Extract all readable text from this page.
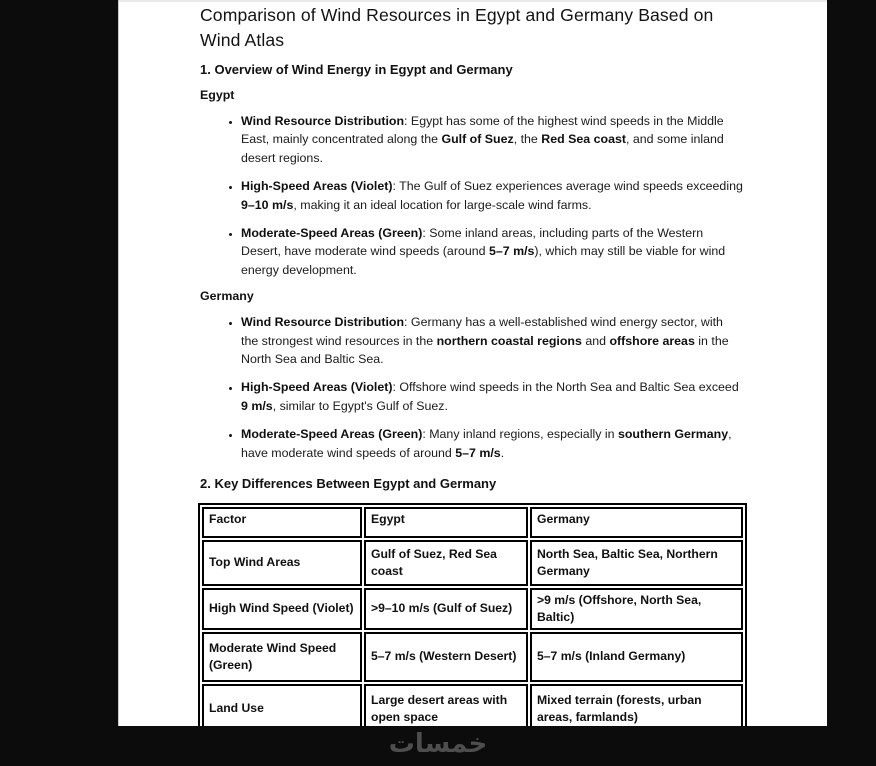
Comparison of Wind Resources in Egypt and Germany Based on Wind Atlas
1. Overview of Wind Energy in Egypt and Germany

Egypt

• Wind Resource Distribution: Egypt has some of the highest wind speeds in the Middle East, mainly concentrated along the Gulf of Suez, the Red Sea coast, and some inland desert regions.
• High-Speed Areas (Violet): The Gulf of Suez experiences average wind speeds exceeding 9–10 m/s, making it an ideal location for large-scale wind farms.
• Moderate-Speed Areas (Green): Some inland areas, including parts of the Western Desert, have moderate wind speeds (around 5–7 m/s), which may still be viable for wind energy development.

Germany

• Wind Resource Distribution: Germany has a well-established wind energy sector, with the strongest wind resources in the northern coastal regions and offshore areas in the North Sea and Baltic Sea.
• High-Speed Areas (Violet): Offshore wind speeds in the North Sea and Baltic Sea exceed 9 m/s, similar to Egypt's Gulf of Suez.
• Moderate-Speed Areas (Green): Many inland regions, especially in southern Germany, have moderate wind speeds of around 5–7 m/s.
2. Key Differences Between Egypt and Germany
Factor	Egypt	Germany
Top Wind Areas	Gulf of Suez, Red Sea coast	North Sea, Baltic Sea, Northern Germany
High Wind Speed (Violet)	>9–10 m/s (Gulf of Suez)	>9 m/s (Offshore, North Sea, Baltic)
Moderate Wind Speed (Green)	5–7 m/s (Western Desert)	5–7 m/s (Inland Germany)
Land Use	Large desert areas with open space	Mixed terrain (forests, urban areas, farmlands)
خمسات
